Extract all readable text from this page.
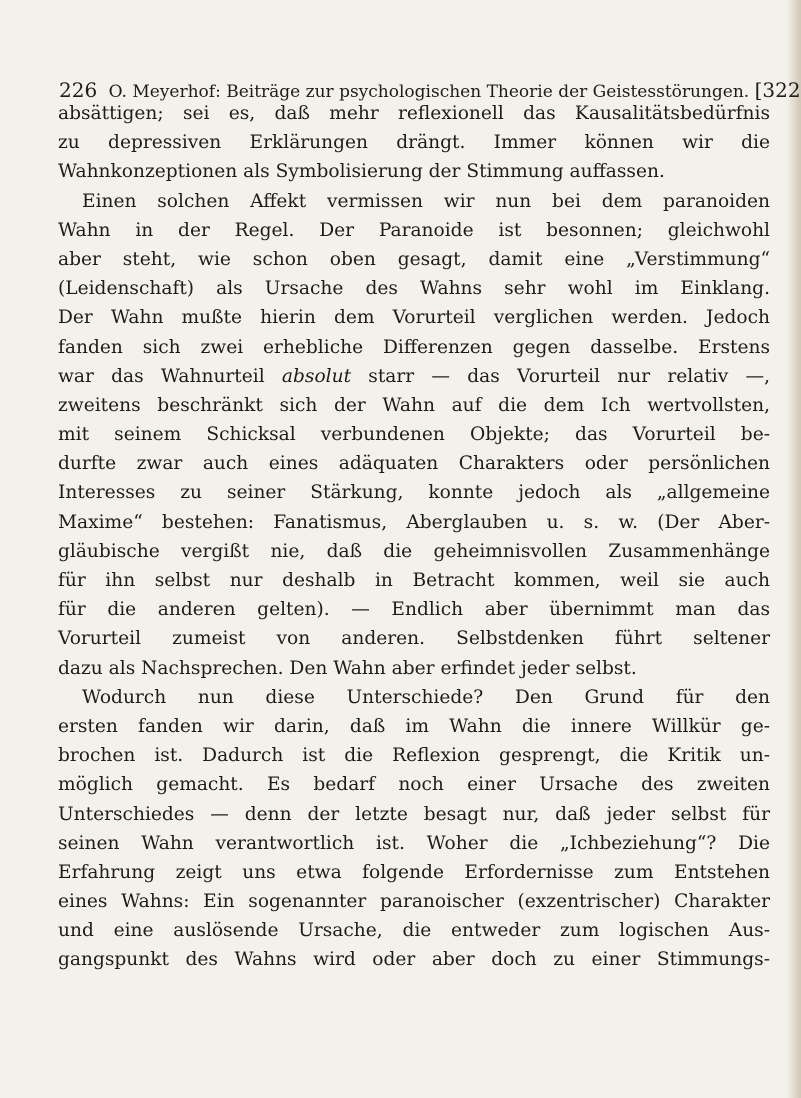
226 O. Meyerhof: Beiträge zur psychologischen Theorie der Geistesstörungen. [322
absättigen; sei es, daß mehr reflexionell das Kausalitätsbedürfnis
zu depressiven Erklärungen drängt. Immer können wir die
Wahnkonzeptionen als Symbolisierung der Stimmung auffassen.
Einen solchen Affekt vermissen wir nun bei dem paranoiden
Wahn in der Regel. Der Paranoide ist besonnen; gleichwohl
aber steht, wie schon oben gesagt, damit eine „Verstimmung“
(Leidenschaft) als Ursache des Wahns sehr wohl im Einklang.
Der Wahn mußte hierin dem Vorurteil verglichen werden. Jedoch
fanden sich zwei erhebliche Differenzen gegen dasselbe. Erstens
war das Wahnurteil absolut starr — das Vorurteil nur relativ —,
zweitens beschränkt sich der Wahn auf die dem Ich wertvollsten,
mit seinem Schicksal verbundenen Objekte; das Vorurteil be-
durfte zwar auch eines adäquaten Charakters oder persönlichen
Interesses zu seiner Stärkung, konnte jedoch als „allgemeine
Maxime“ bestehen: Fanatismus, Aberglauben u. s. w. (Der Aber-
gläubische vergißt nie, daß die geheimnisvollen Zusammenhänge
für ihn selbst nur deshalb in Betracht kommen, weil sie auch
für die anderen gelten). — Endlich aber übernimmt man das
Vorurteil zumeist von anderen. Selbstdenken führt seltener
dazu als Nachsprechen. Den Wahn aber erfindet jeder selbst.
Wodurch nun diese Unterschiede? Den Grund für den
ersten fanden wir darin, daß im Wahn die innere Willkür ge-
brochen ist. Dadurch ist die Reflexion gesprengt, die Kritik un-
möglich gemacht. Es bedarf noch einer Ursache des zweiten
Unterschiedes — denn der letzte besagt nur, daß jeder selbst für
seinen Wahn verantwortlich ist. Woher die „Ichbeziehung“? Die
Erfahrung zeigt uns etwa folgende Erfordernisse zum Entstehen
eines Wahns: Ein sogenannter paranoischer (exzentrischer) Charakter
und eine auslösende Ursache, die entweder zum logischen Aus-
gangspunkt des Wahns wird oder aber doch zu einer Stimmungs-
